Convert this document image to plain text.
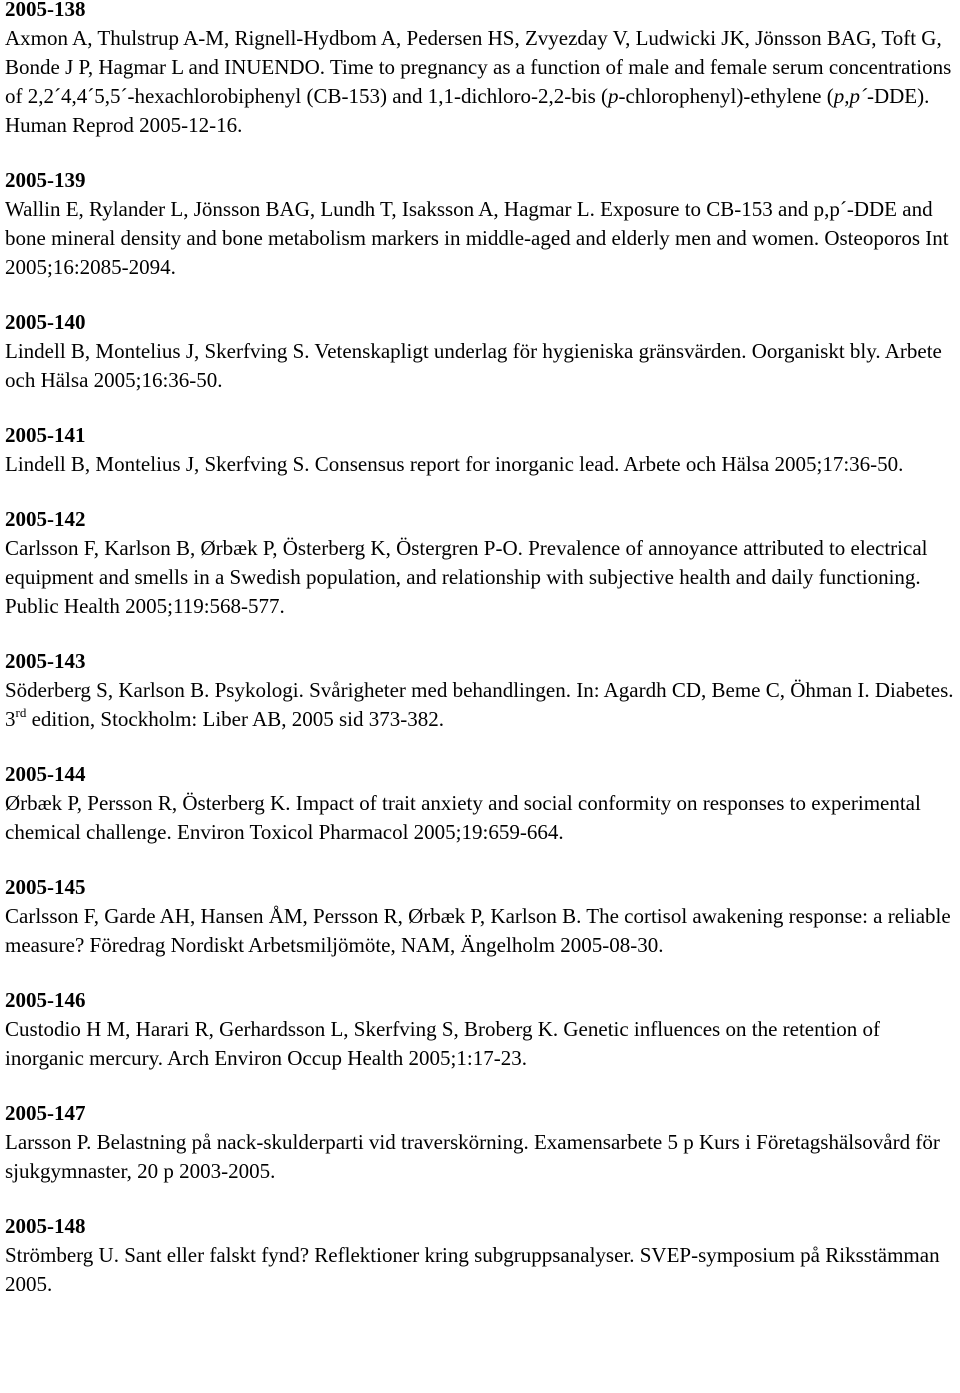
2005-138

Axmon A, Thulstrup A-M, Rignell-Hydbom A, Pedersen HS, Zvyezday V, Ludwicki JK, Jönsson BAG, Toft G, Bonde J P, Hagmar L and INUENDO. Time to pregnancy as a function of male and female serum concentrations of 2,2´4,4´5,5´-hexachlorobiphenyl (CB-153) and 1,1-dichloro-2,2-bis (p-chlorophenyl)-ethylene (p,p´-DDE). Human Reprod 2005-12-16.

2005-139

Wallin E, Rylander L, Jönsson BAG, Lundh T, Isaksson A, Hagmar L. Exposure to CB-153 and p,p´-DDE and bone mineral density and bone metabolism markers in middle-aged and elderly men and women. Osteoporos Int 2005;16:2085-2094.

2005-140

Lindell B, Montelius J, Skerfving S. Vetenskapligt underlag för hygieniska gränsvärden. Oorganiskt bly. Arbete och Hälsa 2005;16:36-50.

2005-141

Lindell B, Montelius J, Skerfving S. Consensus report for inorganic lead. Arbete och Hälsa 2005;17:36-50.

2005-142

Carlsson F, Karlson B, Ørbæk P, Österberg K, Östergren P-O. Prevalence of annoyance attributed to electrical equipment and smells in a Swedish population, and relationship with subjective health and daily functioning. Public Health 2005;119:568-577.

2005-143

Söderberg S, Karlson B. Psykologi. Svårigheter med behandlingen. In: Agardh CD, Beme C, Öhman I. Diabetes. 3rd edition, Stockholm: Liber AB, 2005 sid 373-382.

2005-144

Ørbæk P, Persson R, Österberg K. Impact of trait anxiety and social conformity on responses to experimental chemical challenge. Environ Toxicol Pharmacol 2005;19:659-664.

2005-145

Carlsson F, Garde AH, Hansen ÅM, Persson R, Ørbæk P, Karlson B. The cortisol awakening response: a reliable measure? Föredrag Nordiskt Arbetsmiljömöte, NAM, Ängelholm 2005-08-30.

2005-146

Custodio H M, Harari R, Gerhardsson L, Skerfving S, Broberg K. Genetic influences on the retention of inorganic mercury. Arch Environ Occup Health 2005;1:17-23.

2005-147

Larsson P. Belastning på nack-skulderparti vid traverskörning. Examensarbete 5 p Kurs i Företagshälsovård för sjukgymnaster, 20 p 2003-2005.

2005-148

Strömberg U. Sant eller falskt fynd? Reflektioner kring subgruppsanalyser. SVEP-symposium på Riksstämman 2005.
